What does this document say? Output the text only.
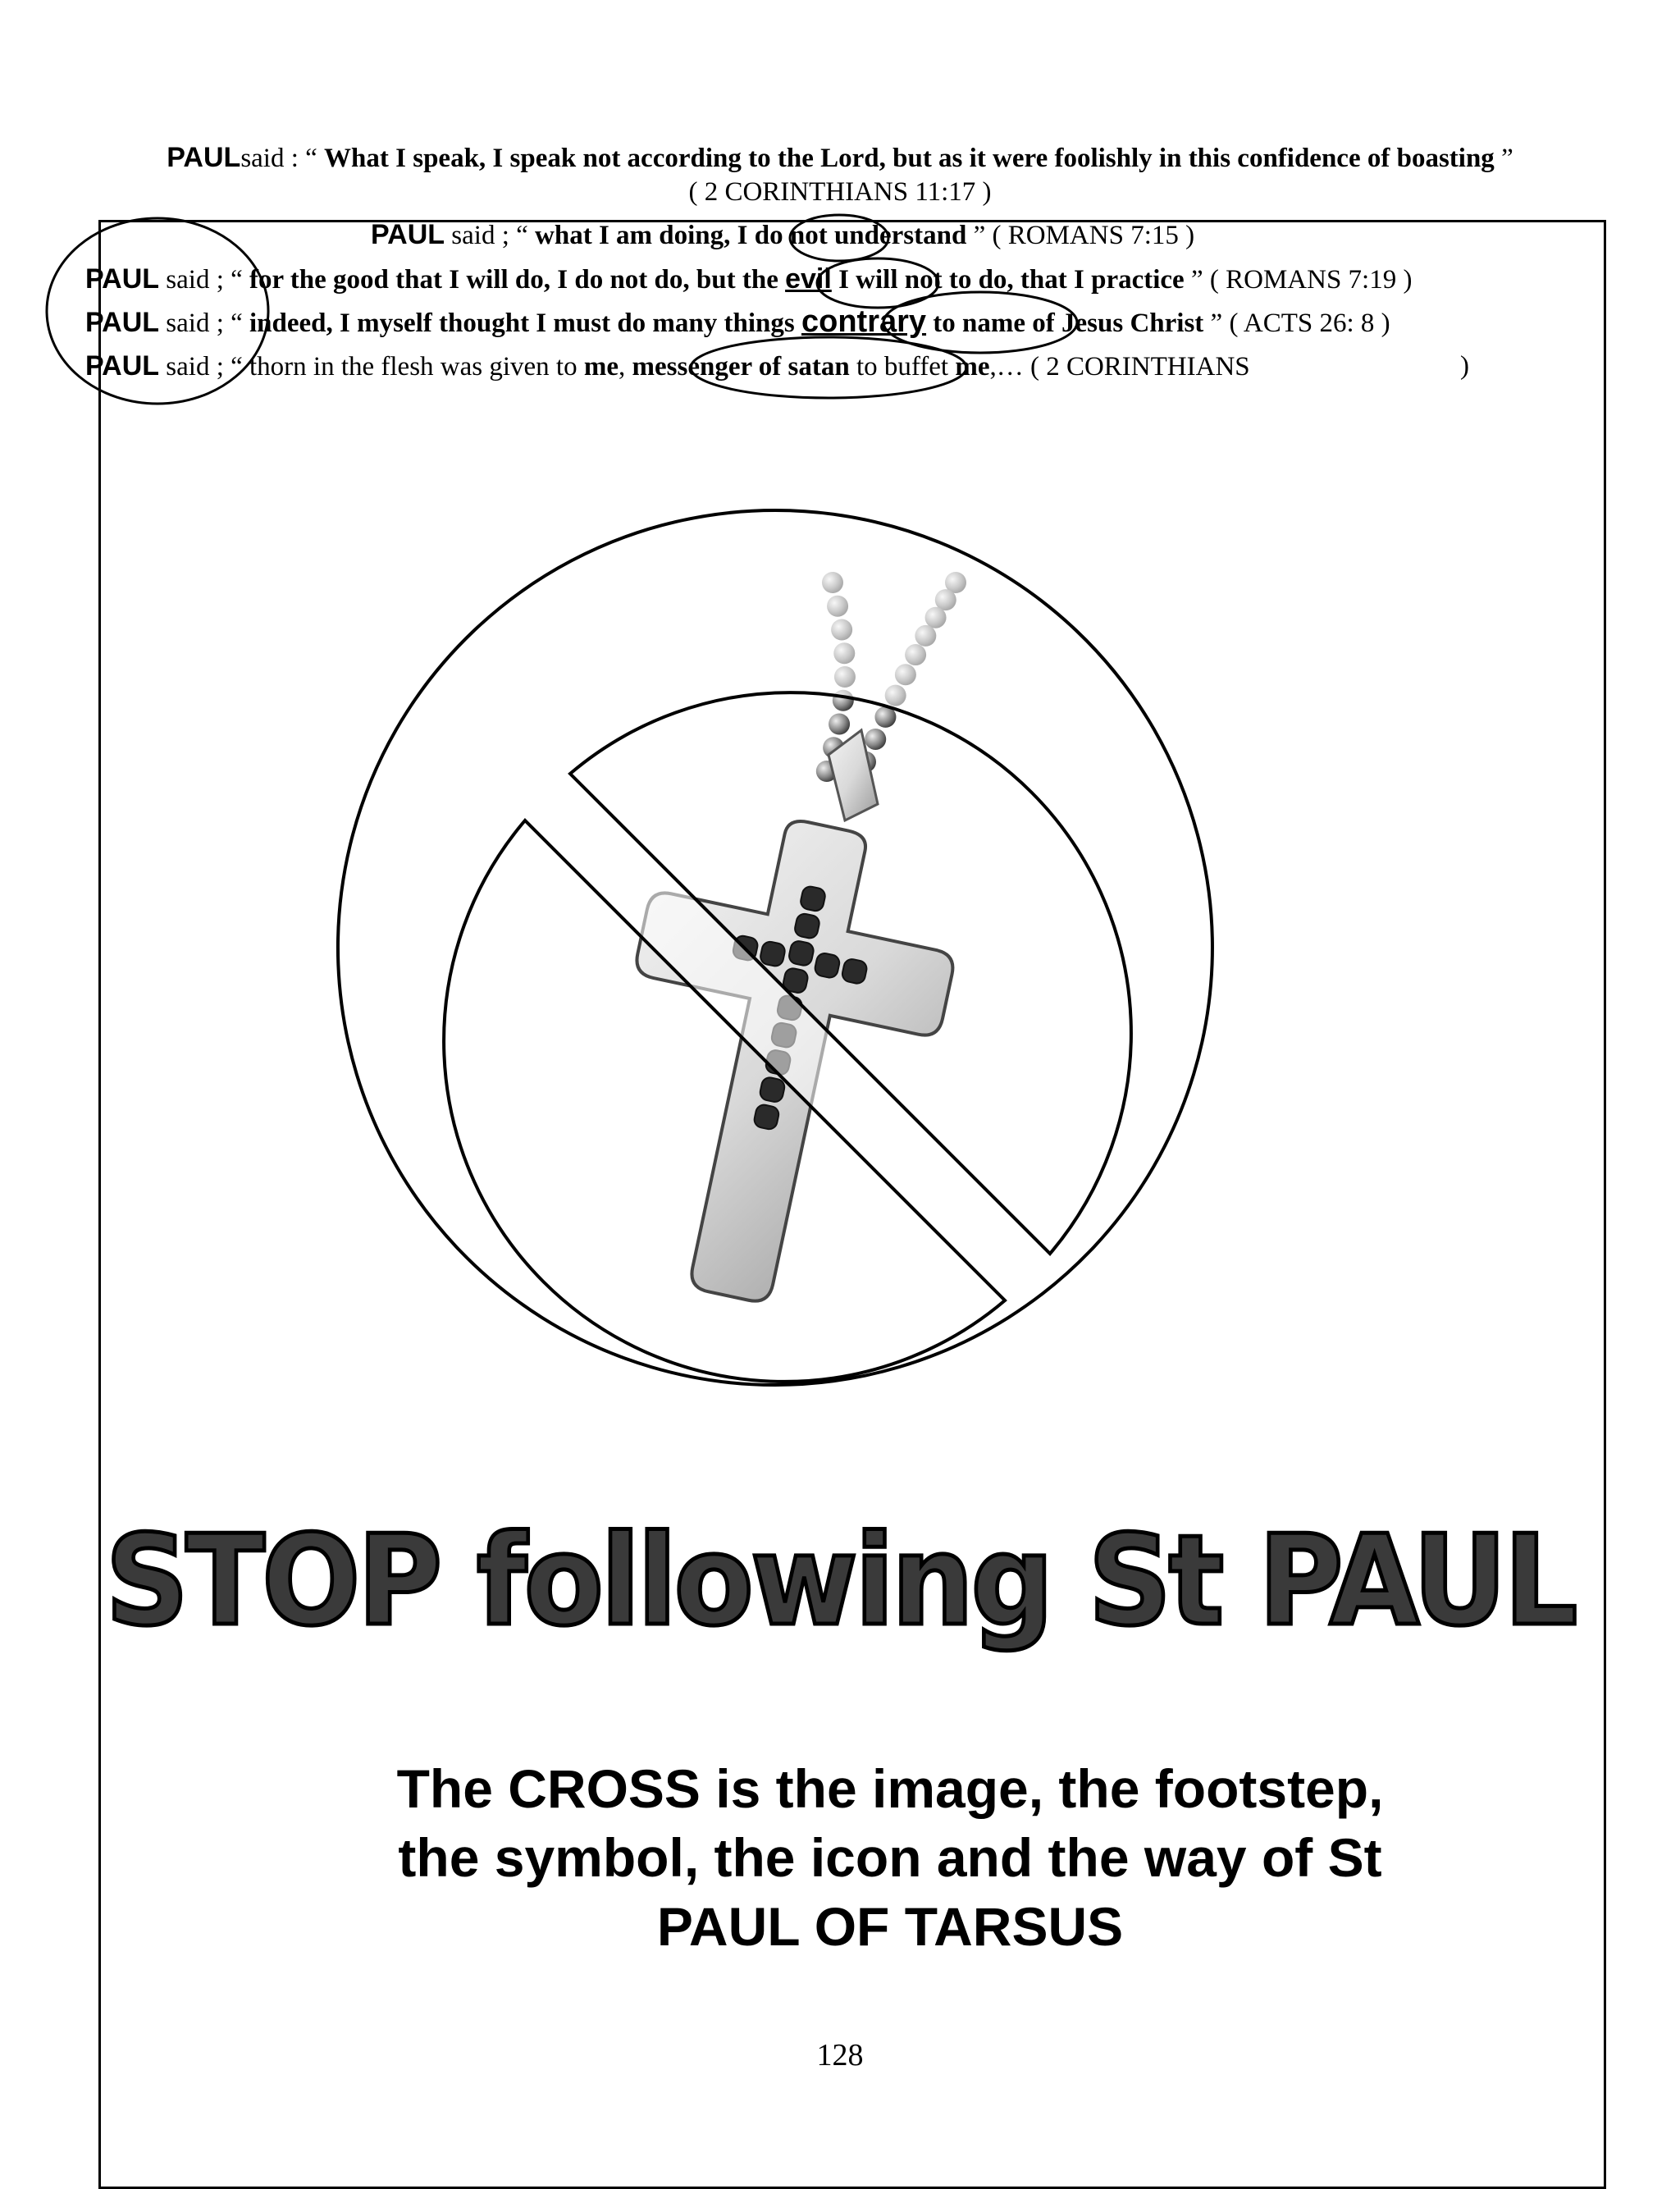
PAULsaid : “ What I speak, I speak not according to the Lord, but as it were foolishly in this confidence of boasting ”
( 2 CORINTHIANS 11:17 )
PAUL said ; “ what I am doing, I do not understand ” ( ROMANS 7:15 )
PAUL said ; “ for the good that I will do, I do not do, but the evil I will not to do, that I practice ” ( ROMANS 7:19 )
PAUL said ; “ indeed, I myself thought I must do many things contrary to name of Jesus Christ ” ( ACTS 26: 8 )
PAUL said ; “ thorn in the flesh was given to me, messenger of satan to buffet me,… ( 2 CORINTHIANS	)
STOP following St PAUL
The CROSS is the image, the footstep,
the symbol, the icon and the way of St
PAUL OF TARSUS
128
